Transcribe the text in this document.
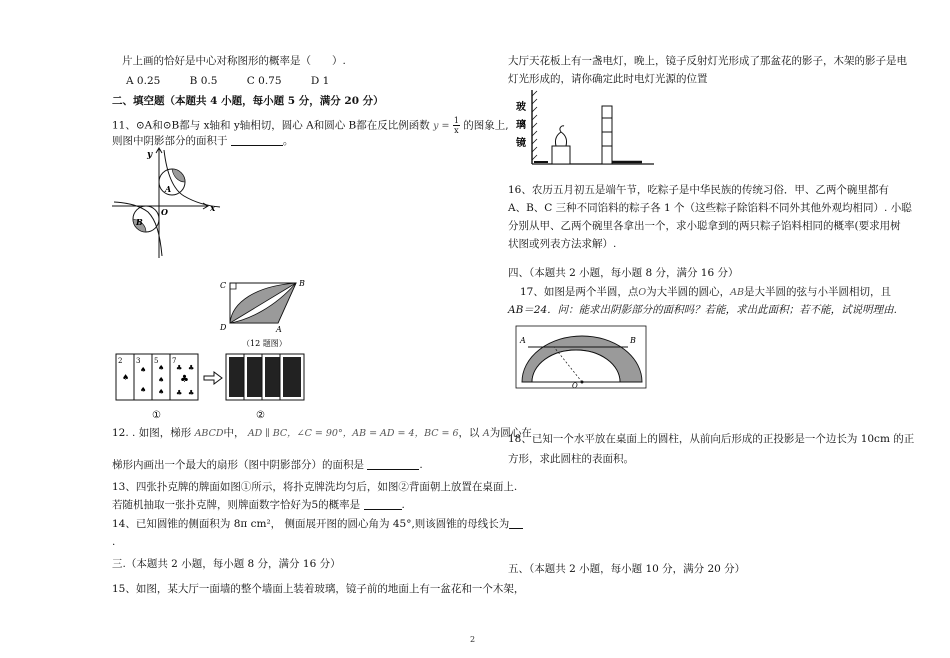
片上画的恰好是中心对称图形的概率是（　　）.

A 0.25	B 0.5	C 0.75	D 1

二、填空题（本题共 4 小题，每小题 5 分，满分 20 分）

11、⊙A和⊙B都与 x轴和 y轴相切，圆心 A和圆心 B都在反比例函数 $y = \frac{1}{x}$ 的图象上,

则图中阴影部分的面积于	。

y
x
A
B
O
C	B
D	A
（12 题图）
2 3 5 7
♠
♠
♠
♠
♠
♠
♣ ♣
♣
♣ ♣
①	②

12. . 如图，梯形 ABCD中， AD ∥ BC，∠C = 90°，AB = AD = 4，BC = 6，以 A为圆心在

梯形内画出一个最大的扇形（图中阴影部分）的面积是	.

13、四张扑克牌的牌面如图①所示，将扑克牌洗均匀后，如图②背面朝上放置在桌面上.

若随机抽取一张扑克牌，则牌面数字恰好为5的概率是	.

14、已知圆锥的侧面积为 8π cm²， 侧面展开图的圆心角为 45°,则该圆锥的母线长为

.

三.（本题共 2 小题，每小题 8 分，满分 16 分）

15、如图，某大厅一面墙的整个墙面上装着玻璃，镜子前的地面上有一盆花和一个木架，

大厅天花板上有一盏电灯，晚上，镜子反射灯光形成了那盆花的影子，木架的影子是电

灯光形成的，请你确定此时电灯光源的位置

玻
璃
镜

16、农历五月初五是端午节，吃粽子是中华民族的传统习俗．甲、乙两个碗里都有

A、B、C 三种不同馅料的粽子各 1 个（这些粽子除馅料不同外其他外观均相同）. 小聪

分别从甲、乙两个碗里各拿出一个，求小聪拿到的两只粽子馅料相同的概率(要求用树

状图或列表方法求解）.

四、（本题共 2 小题，每小题 8 分，满分 16 分）

17、如图是两个半圆，点O为大半圆的圆心，AB是大半圆的弦与小半圆相切，且

AB＝24．问：能求出阴影部分的面积吗？若能，求出此面积；若不能，试说明理由.

A	B
O

18、已知一个水平放在桌面上的圆柱，从前向后形成的正投影是一个边长为 10cm 的正

方形，求此圆柱的表面积。

五、（本题共 2 小题，每小题 10 分，满分 20 分）

2
